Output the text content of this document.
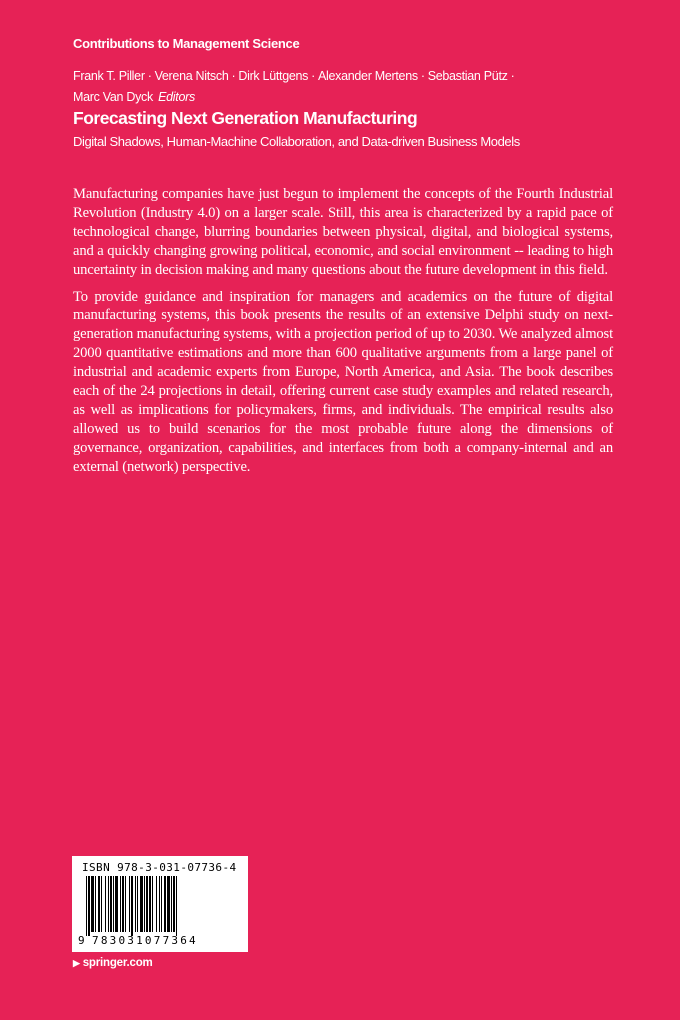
Contributions to Management Science
Frank T. Piller · Verena Nitsch · Dirk Lüttgens · Alexander Mertens · Sebastian Pütz ·
Marc Van Dyck Editors
Forecasting Next Generation Manufacturing
Digital Shadows, Human-Machine Collaboration, and Data-driven Business Models

Manufacturing companies have just begun to implement the concepts of the Fourth Industrial Revolution (Industry 4.0) on a larger scale. Still, this area is characterized by a rapid pace of technological change, blurring boundaries between physical, digital, and biological systems, and a quickly changing growing political, economic, and social environment -- leading to high uncertainty in decision making and many questions about the future development in this field.

To provide guidance and inspiration for managers and academics on the future of digital manufacturing systems, this book presents the results of an extensive Delphi study on next-generation manufacturing systems, with a projection period of up to 2030. We analyzed almost 2000 quantitative estimations and more than 600 qualitative arguments from a large panel of industrial and academic experts from Europe, North America, and Asia. The book describes each of the 24 projections in detail, offering current case study examples and related research, as well as implications for policymakers, firms, and individuals. The empirical results also allowed us to build scenarios for the most probable future along the dimensions of governance, organization, capabilities, and interfaces from both a company-internal and an external (network) perspective.

ISBN 978-3-031-07736-4
9 783031077364
▶ springer.com
